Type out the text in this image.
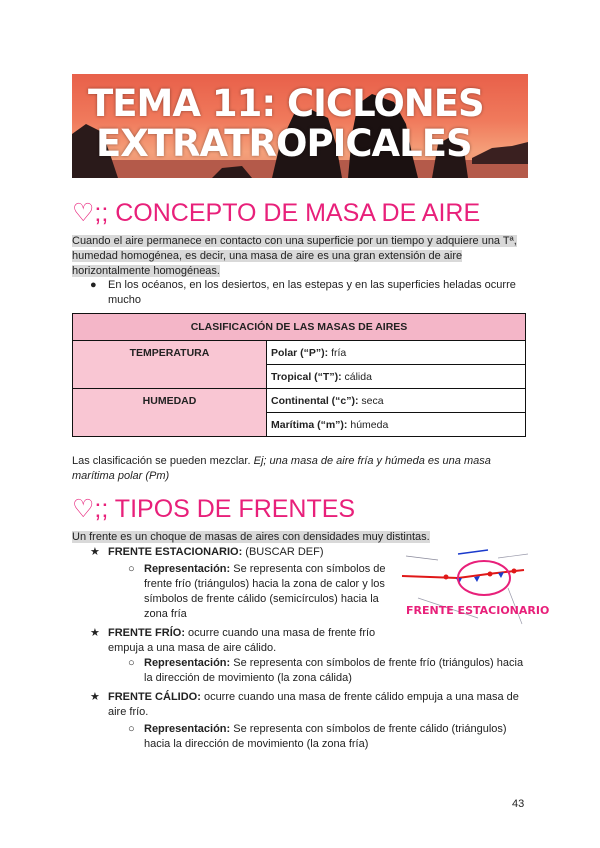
TEMA 11: CICLONES
EXTRATROPICALES
♡;; CONCEPTO DE MASA DE AIRE
Cuando el aire permanece en contacto con una superficie por un tiempo y adquiere una Tª, humedad homogénea, es decir, una masa de aire es una gran extensión de aire horizontalmente homogéneas.
● En los océanos, en los desiertos, en las estepas y en las superficies heladas ocurre mucho
CLASIFICACIÓN DE LAS MASAS DE AIRES	
TEMPERATURA	Polar (“P”): fría
	Tropical (“T”): cálida
HUMEDAD	Continental (“c”): seca
	Marítima (“m”): húmeda
Las clasificación se pueden mezclar. Ej; una masa de aire fría y húmeda es una masa marítima polar (Pm)
♡;; TIPOS DE FRENTES
Un frente es un choque de masas de aires con densidades muy distintas.
★ FRENTE ESTACIONARIO: (BUSCAR DEF)
○ Representación: Se representa con símbolos de frente frío (triángulos) hacia la zona de calor y los símbolos de frente cálido (semicírculos) hacia la zona fría
★ FRENTE FRÍO: ocurre cuando una masa de frente frío empuja a una masa de aire cálido.
○ Representación: Se representa con símbolos de frente frío (triángulos) hacia la dirección de movimiento (la zona cálida)
★ FRENTE CÁLIDO: ocurre cuando una masa de frente cálido empuja a una masa de aire frío.
○ Representación: Se representa con símbolos de frente cálido (triángulos) hacia la dirección de movimiento (la zona fría)
FRENTE ESTACIONARIO
43
